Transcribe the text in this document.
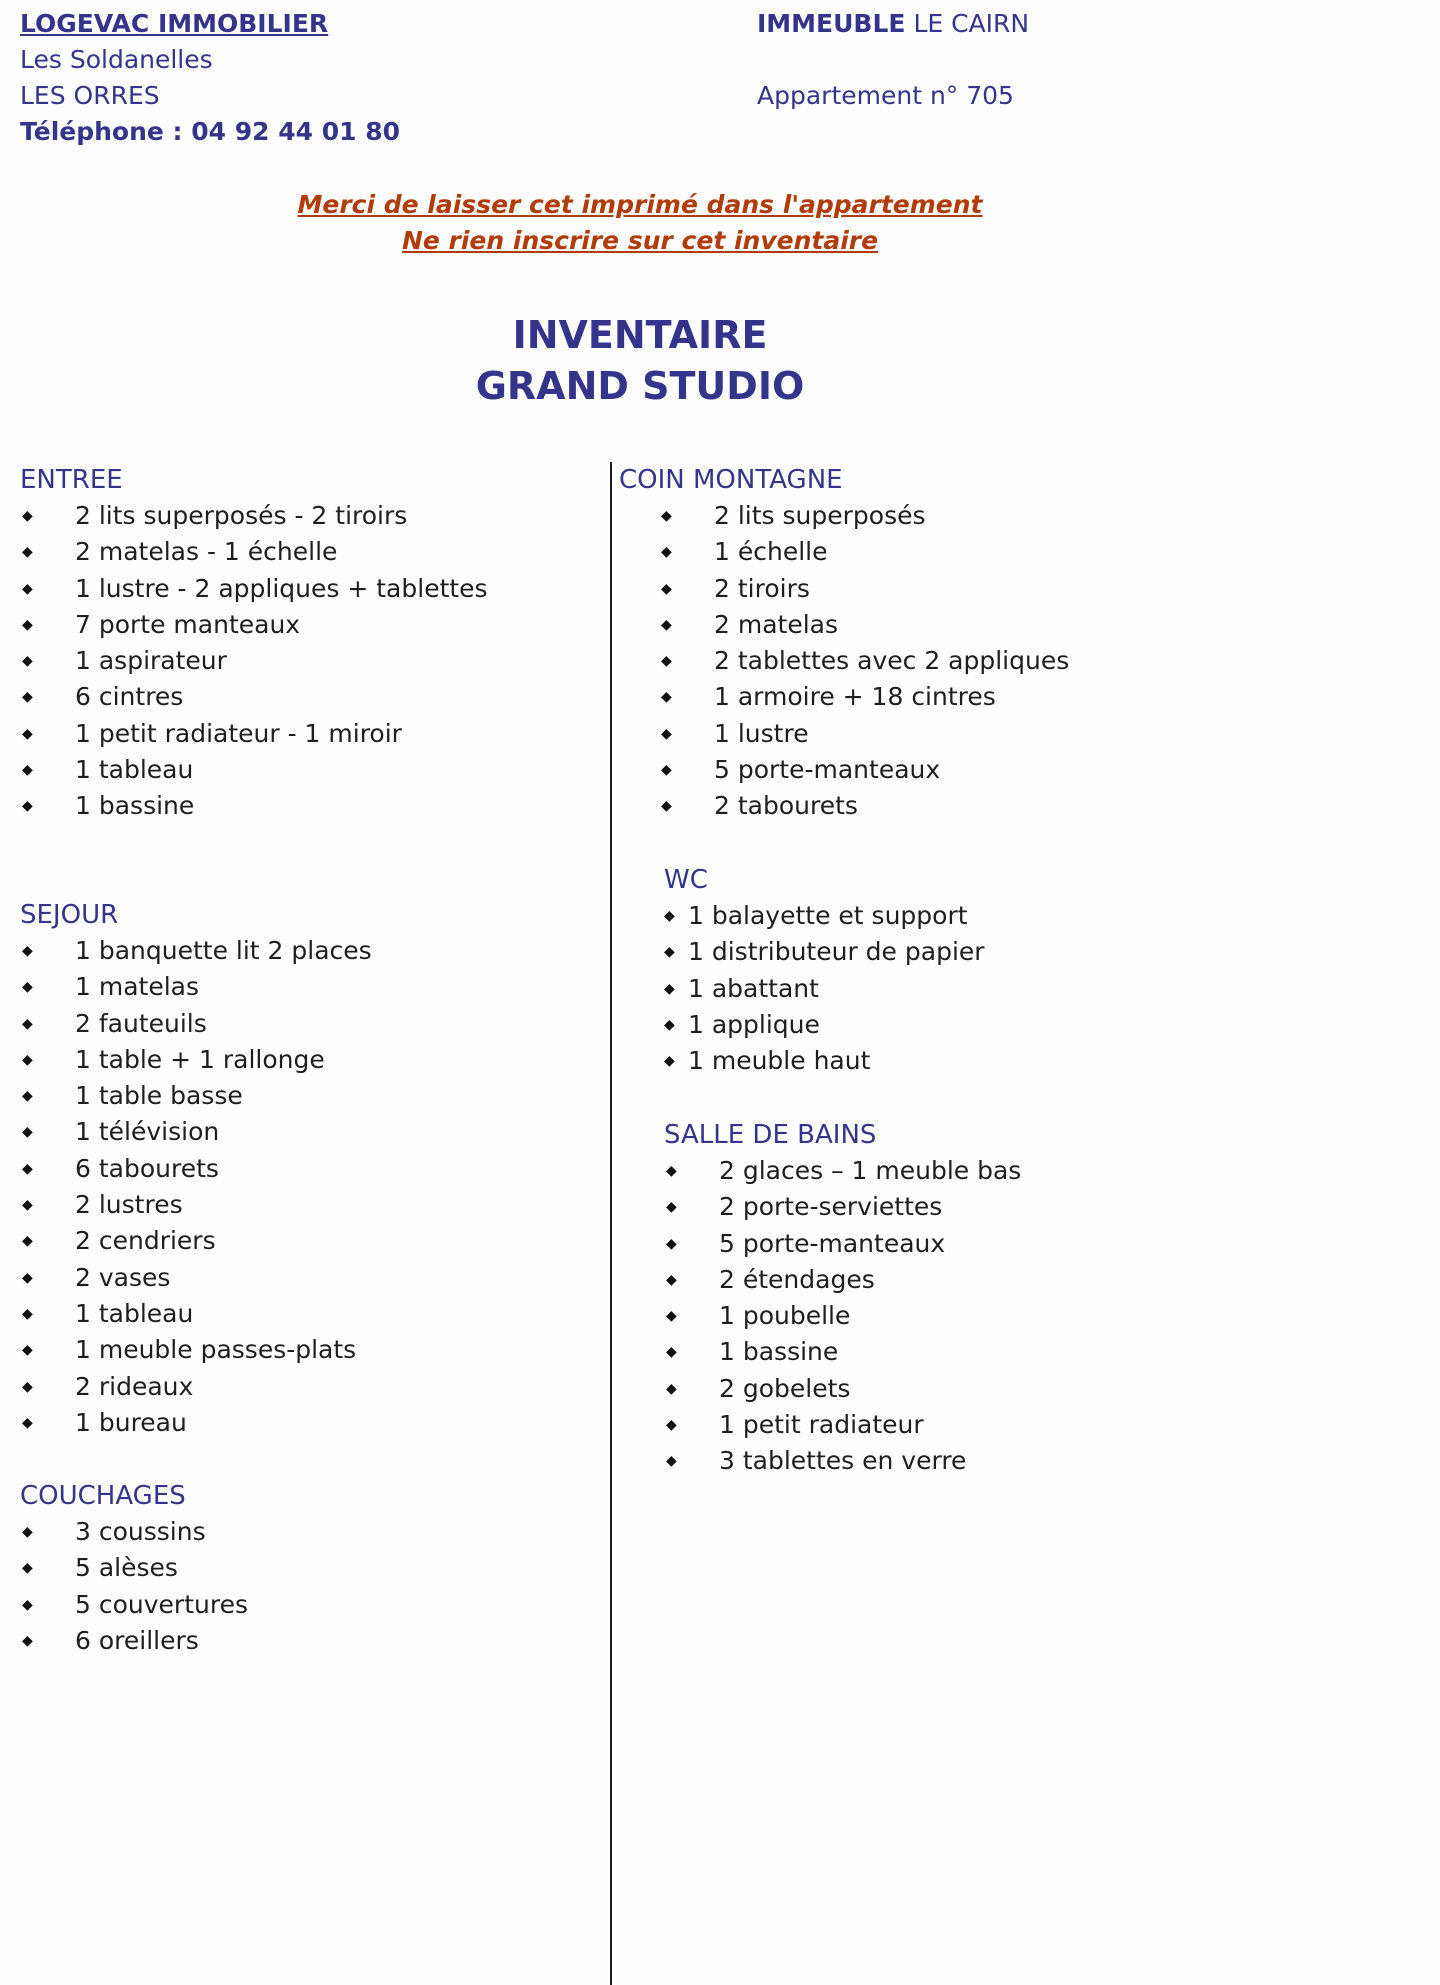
LOGEVAC IMMOBILIER
Les Soldanelles
LES ORRES
Téléphone : 04 92 44 01 80
IMMEUBLE LE CAIRN
Appartement n° 705
Merci de laisser cet imprimé dans l'appartement
Ne rien inscrire sur cet inventaire
INVENTAIRE
GRAND STUDIO
ENTREE
◆ 2 lits superposés - 2 tiroirs
◆ 2 matelas - 1 échelle
◆ 1 lustre - 2 appliques + tablettes
◆ 7 porte manteaux
◆ 1 aspirateur
◆ 6 cintres
◆ 1 petit radiateur - 1 miroir
◆ 1 tableau
◆ 1 bassine
SEJOUR
◆ 1 banquette lit 2 places
◆ 1 matelas
◆ 2 fauteuils
◆ 1 table + 1 rallonge
◆ 1 table basse
◆ 1 télévision
◆ 6 tabourets
◆ 2 lustres
◆ 2 cendriers
◆ 2 vases
◆ 1 tableau
◆ 1 meuble passes-plats
◆ 2 rideaux
◆ 1 bureau
COUCHAGES
◆ 3 coussins
◆ 5 alèses
◆ 5 couvertures
◆ 6 oreillers
COIN MONTAGNE
◆ 2 lits superposés
◆ 1 échelle
◆ 2 tiroirs
◆ 2 matelas
◆ 2 tablettes avec 2 appliques
◆ 1 armoire + 18 cintres
◆ 1 lustre
◆ 5 porte-manteaux
◆ 2 tabourets
WC
◆ 1 balayette et support
◆ 1 distributeur de papier
◆ 1 abattant
◆ 1 applique
◆ 1 meuble haut
SALLE DE BAINS
◆ 2 glaces – 1 meuble bas
◆ 2 porte-serviettes
◆ 5 porte-manteaux
◆ 2 étendages
◆ 1 poubelle
◆ 1 bassine
◆ 2 gobelets
◆ 1 petit radiateur
◆ 3 tablettes en verre
